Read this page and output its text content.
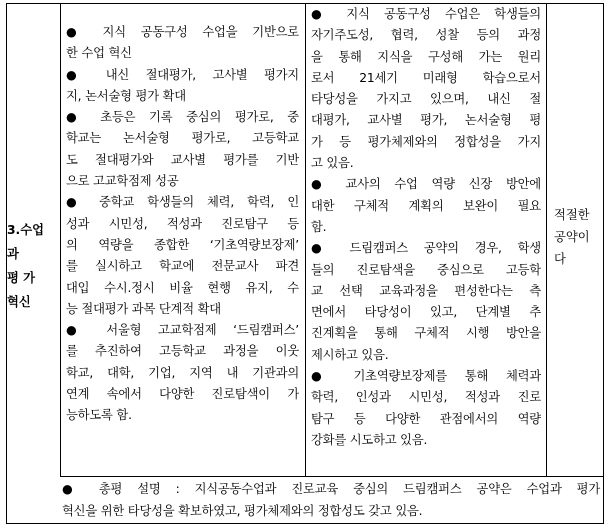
3.수업
과
평 가
혁신
● 지식 공동구성 수업을 기반으로
한 수업 혁신
● 내신 절대평가, 고사별 평가지
지, 논서술형 평가 확대
● 초등은 기록 중심의 평가로, 중
학교는 논서술형 평가로, 고등학교
도 절대평가와 교사별 평가를 기반
으로 고교학점제 성공
● 중학교 학생들의 체력, 학력, 인
성과 시민성, 적성과 진로탐구 등
의 역량을 종합한 ‘기초역량보장제’
를 실시하고 학교에 전문교사 파견
대입 수시.정시 비율 현행 유지, 수
능 절대평가 과목 단계적 확대
● 서울형 고교학점제 ‘드림캠퍼스’
를 추진하여 고등학교 과정을 이웃
학교, 대학, 기업, 지역 내 기관과의
연계 속에서 다양한 진로탐색이 가
능하도록 함.
● 지식 공동구성 수업은 학생들의
자기주도성, 협력, 성찰 등의 과정
을 통해 지식을 구성해 가는 원리
로서 21세기 미래형 학습으로서
타당성을 가지고 있으며, 내신 절
대평가, 교사별 평가, 논서술형 평
가 등 평가체제와의 정합성을 가지
고 있음.
● 교사의 수업 역량 신장 방안에
대한 구체적 계획의 보완이 필요
함.
● 드림캠퍼스 공약의 경우, 학생
들의 진로탐색을 중심으로 고등학
교 선택 교육과정을 편성한다는 측
면에서 타당성이 있고, 단계별 추
진계획을 통해 구체적 시행 방안을
제시하고 있음.
● 기초역량보장제를 통해 체력과
학력, 인성과 시민성, 적성과 진로
탐구 등 다양한 관점에서의 역량
강화를 시도하고 있음.
적절한
공약이
다
● 총평 설명 : 지식공동수업과 진로교육 중심의 드림캠퍼스 공약은 수업과 평가
혁신을 위한 타당성을 확보하였고, 평가체제와의 정합성도 갖고 있음.
